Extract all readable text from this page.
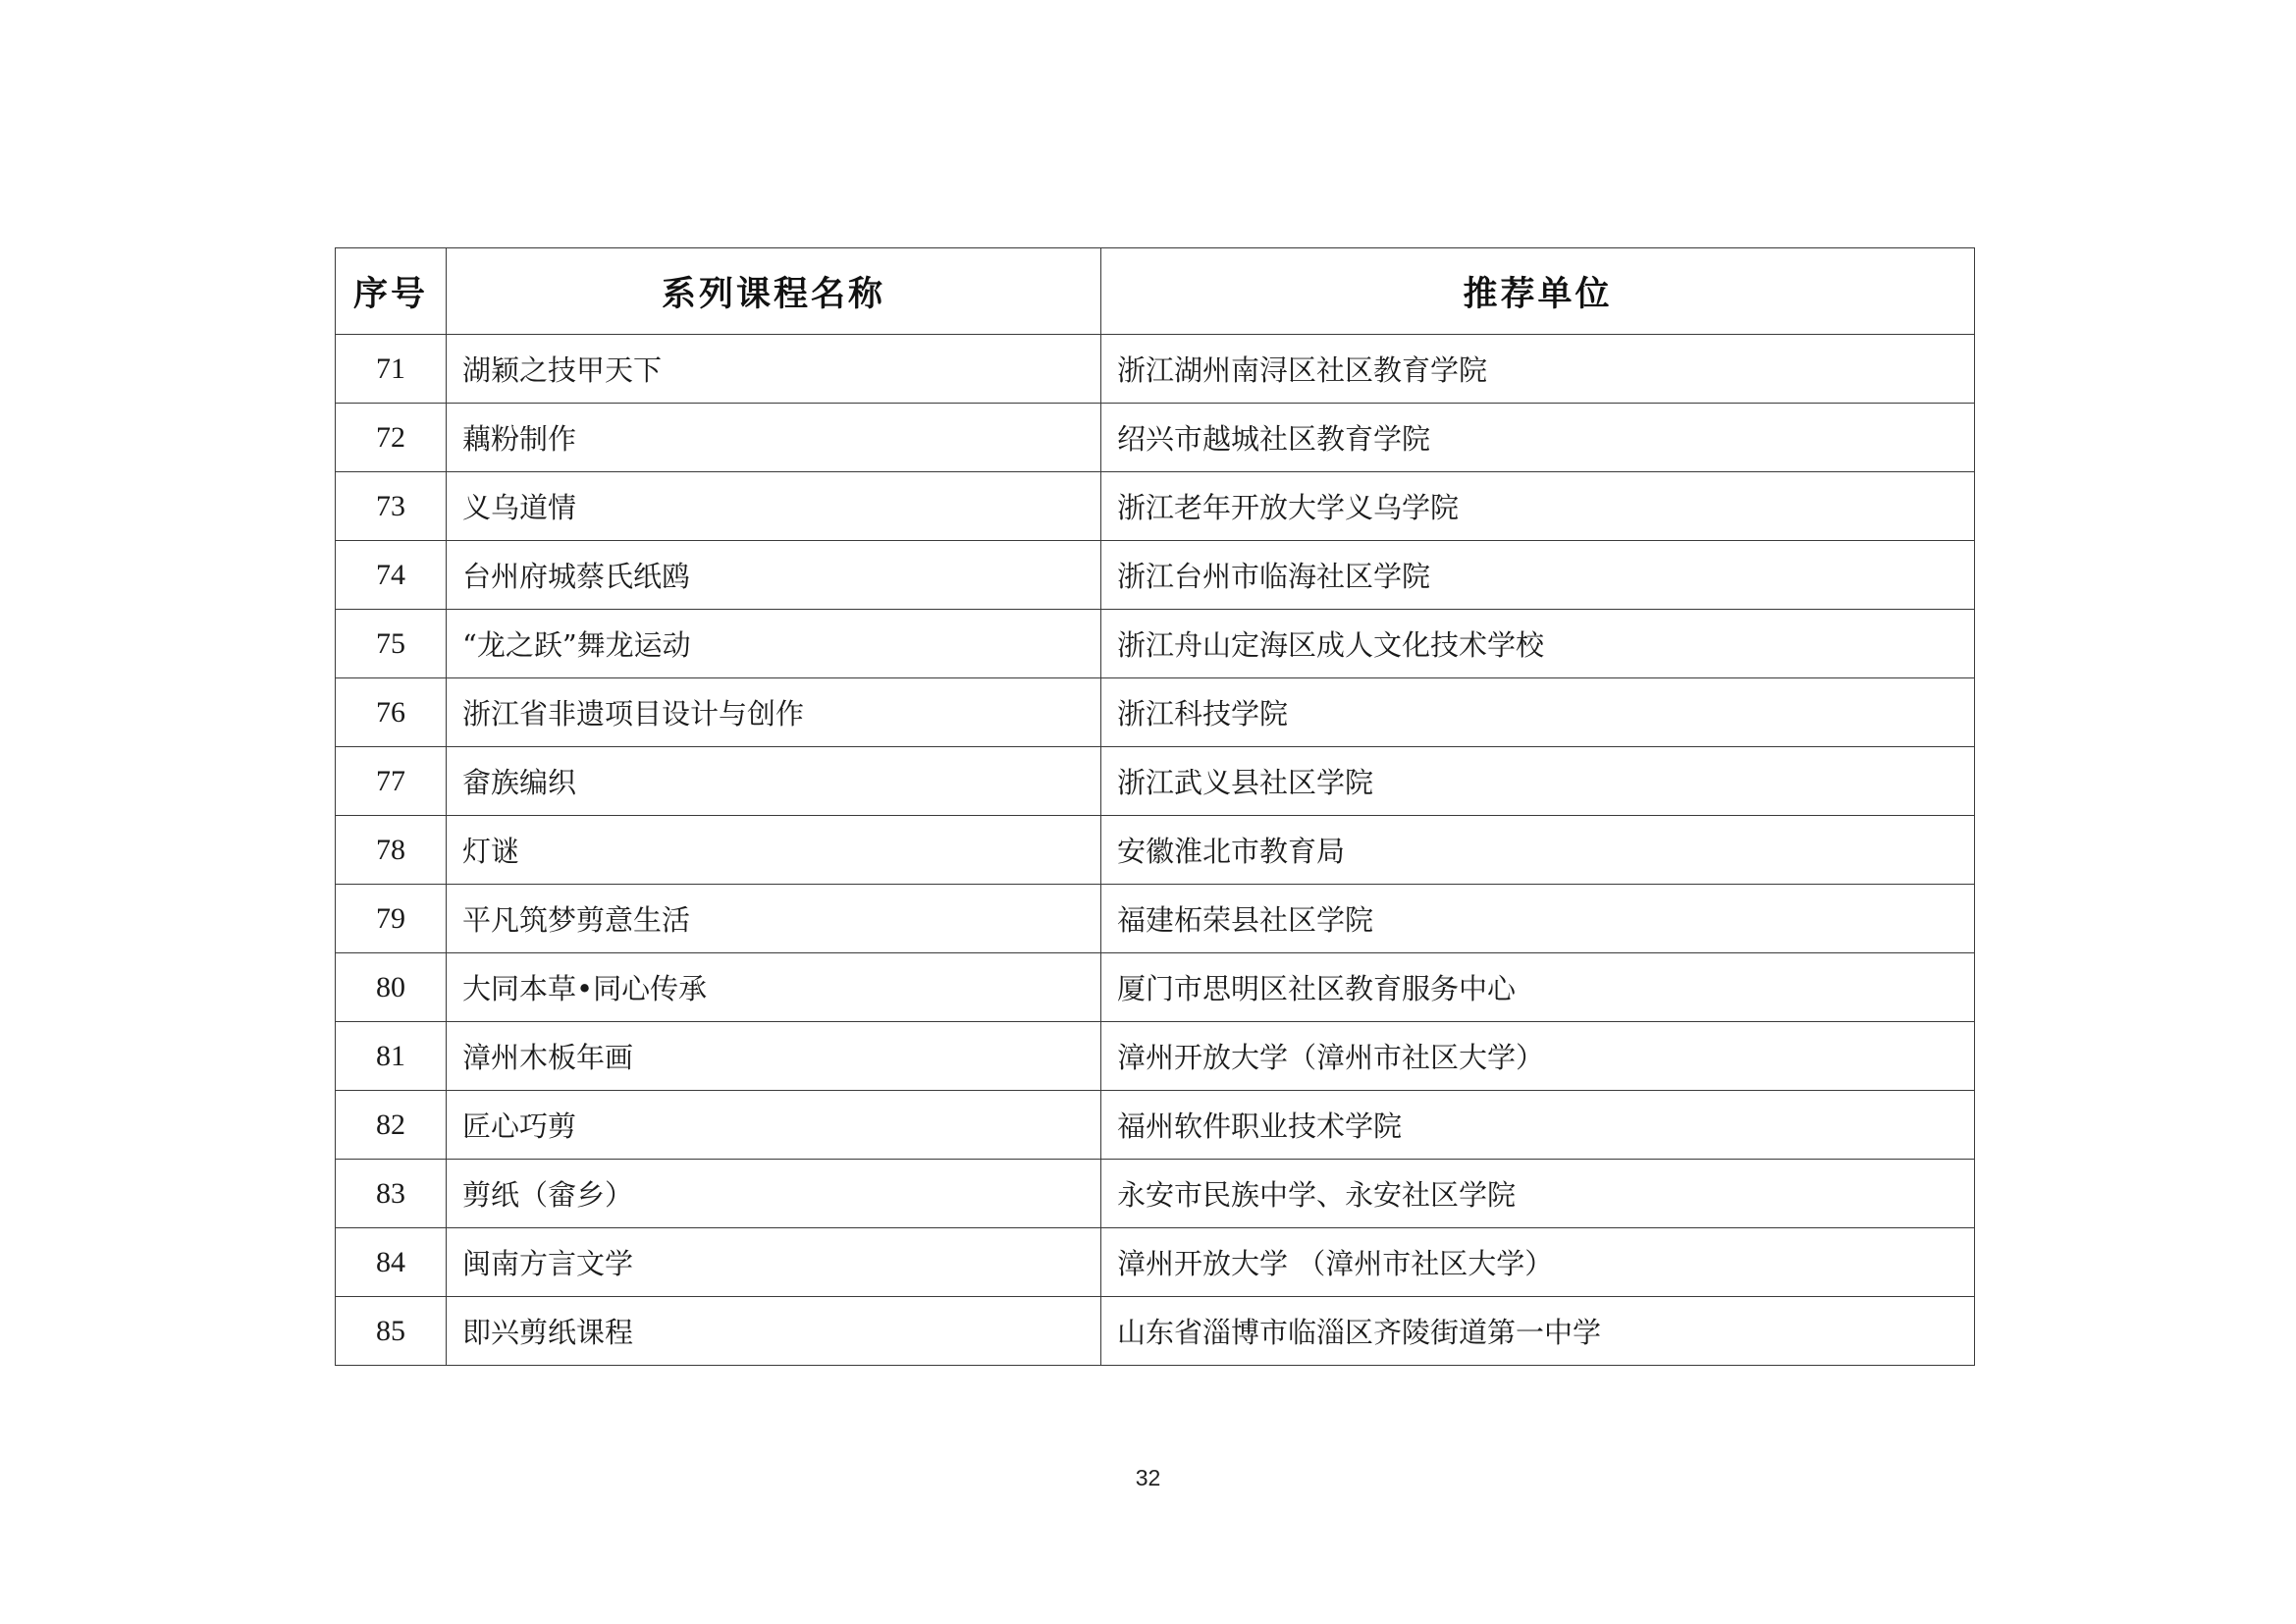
序号	系列课程名称	推荐单位
71	湖颖之技甲天下	浙江湖州南浔区社区教育学院
72	藕粉制作	绍兴市越城社区教育学院
73	义乌道情	浙江老年开放大学义乌学院
74	台州府城蔡氏纸鸥	浙江台州市临海社区学院
75	“龙之跃”舞龙运动	浙江舟山定海区成人文化技术学校
76	浙江省非遗项目设计与创作	浙江科技学院
77	畲族编织	浙江武义县社区学院
78	灯谜	安徽淮北市教育局
79	平凡筑梦剪意生活	福建柘荣县社区学院
80	大同本草•同心传承	厦门市思明区社区教育服务中心
81	漳州木板年画	漳州开放大学（漳州市社区大学）
82	匠心巧剪	福州软件职业技术学院
83	剪纸（畲乡）	永安市民族中学、永安社区学院
84	闽南方言文学	漳州开放大学 （漳州市社区大学）
85	即兴剪纸课程	山东省淄博市临淄区齐陵街道第一中学
32
